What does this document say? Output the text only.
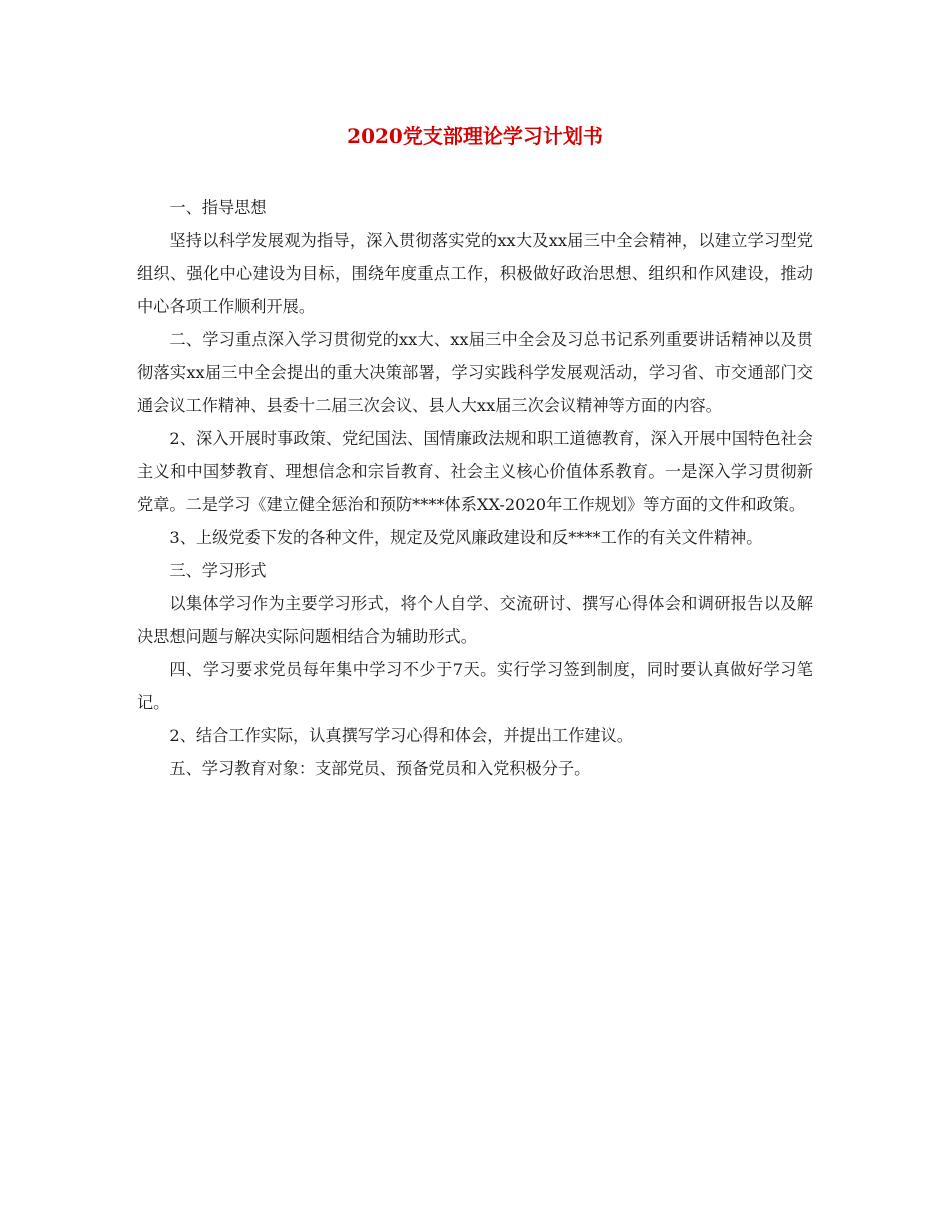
2020党支部理论学习计划书

一、指导思想

坚持以科学发展观为指导，深入贯彻落实党的xx大及xx届三中全会精神，以建立学习型党组织、强化中心建设为目标，围绕年度重点工作，积极做好政治思想、组织和作风建设，推动中心各项工作顺利开展。

二、学习重点深入学习贯彻党的xx大、xx届三中全会及习总书记系列重要讲话精神以及贯彻落实xx届三中全会提出的重大决策部署，学习实践科学发展观活动，学习省、市交通部门交通会议工作精神、县委十二届三次会议、县人大xx届三次会议精神等方面的内容。

2、深入开展时事政策、党纪国法、国情廉政法规和职工道德教育，深入开展中国特色社会主义和中国梦教育、理想信念和宗旨教育、社会主义核心价值体系教育。一是深入学习贯彻新党章。二是学习《建立健全惩治和预防****体系XX-2020年工作规划》等方面的文件和政策。

3、上级党委下发的各种文件，规定及党风廉政建设和反****工作的有关文件精神。

三、学习形式

以集体学习作为主要学习形式，将个人自学、交流研讨、撰写心得体会和调研报告以及解决思想问题与解决实际问题相结合为辅助形式。

四、学习要求党员每年集中学习不少于7天。实行学习签到制度，同时要认真做好学习笔记。

2、结合工作实际，认真撰写学习心得和体会，并提出工作建议。

五、学习教育对象：支部党员、预备党员和入党积极分子。
